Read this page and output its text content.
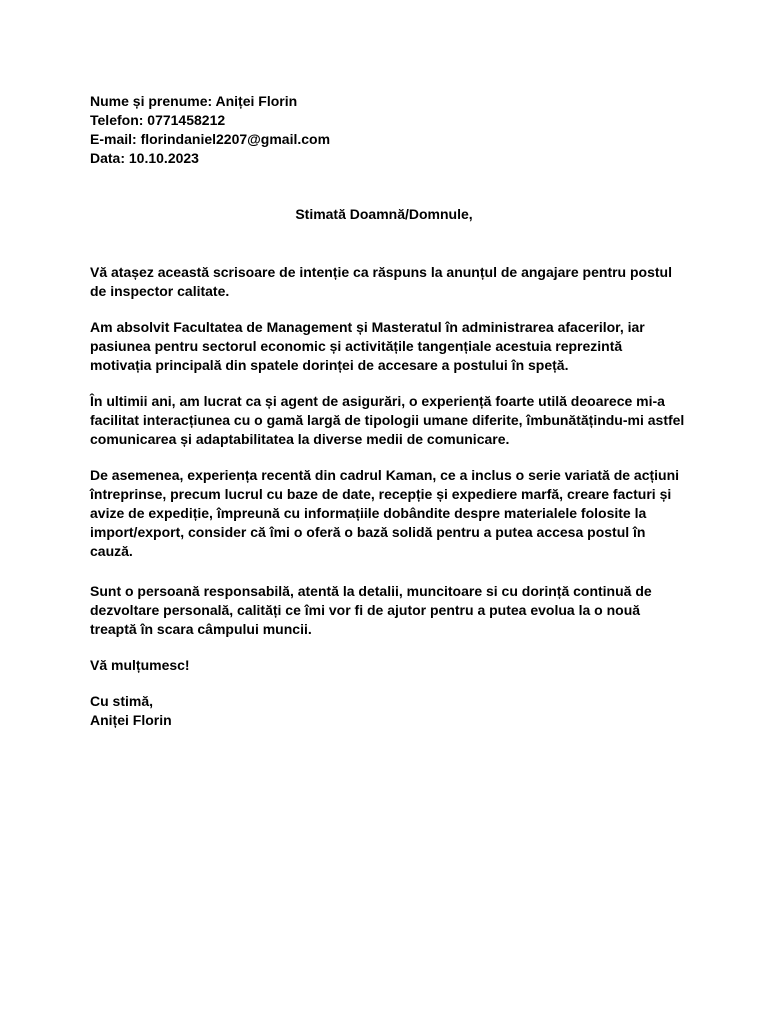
Nume și prenume: Aniței Florin
Telefon: 0771458212
E-mail: florindaniel2207@gmail.com
Data: 10.10.2023
Stimată Doamnă/Domnule,
Vă atașez această scrisoare de intenție ca răspuns la anunțul de angajare pentru postul
de inspector calitate.
Am absolvit Facultatea de Management și Masteratul în administrarea afacerilor, iar
pasiunea pentru sectorul economic și activitățile tangențiale acestuia reprezintă
motivația principală din spatele dorinței de accesare a postului în speță.
În ultimii ani, am lucrat ca și agent de asigurări, o experiență foarte utilă deoarece mi-a
facilitat interacțiunea cu o gamă largă de tipologii umane diferite, îmbunătățindu-mi astfel
comunicarea și adaptabilitatea la diverse medii de comunicare.
De asemenea, experiența recentă din cadrul Kaman, ce a inclus o serie variată de acțiuni
întreprinse, precum lucrul cu baze de date, recepție și expediere marfă, creare facturi și
avize de expediție, împreună cu informațiile dobândite despre materialele folosite la
import/export, consider că îmi o oferă o bază solidă pentru a putea accesa postul în
cauză.
Sunt o persoană responsabilă, atentă la detalii, muncitoare si cu dorință continuă de
dezvoltare personală, calități ce îmi vor fi de ajutor pentru a putea evolua la o nouă
treaptă în scara câmpului muncii.
Vă mulțumesc!
Cu stimă,
Aniței Florin
